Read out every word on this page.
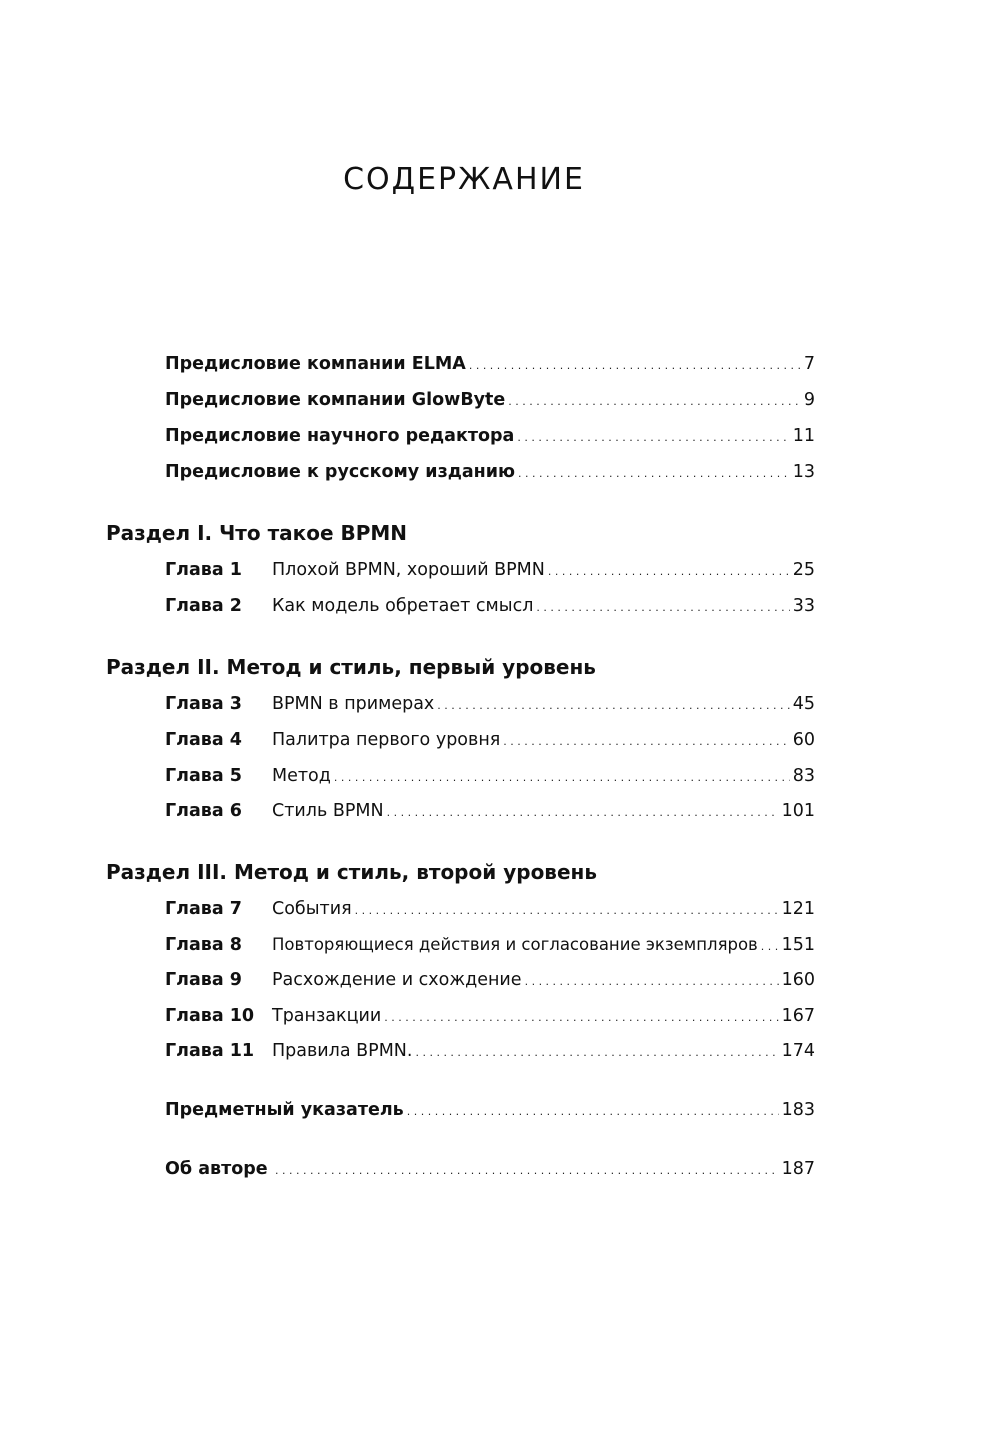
СОДЕРЖАНИЕ
Предисловие компании ELMA . . .	7
Предисловие компании GlowByte . . .	9
Предисловие научного редактора . . .	11
Предисловие к русскому изданию . . .	13
Раздел I. Что такое BPMN
Глава 1	Плохой BPMN, хороший BPMN . . .	25
Глава 2	Как модель обретает смысл . . .	33
Раздел II. Метод и стиль, первый уровень
Глава 3	BPMN в примерах . . .	45
Глава 4	Палитра первого уровня . . .	60
Глава 5	Метод . . .	83
Глава 6	Стиль BPMN . . .	101
Раздел III. Метод и стиль, второй уровень
Глава 7	События . . .	121
Глава 8	Повторяющиеся действия и согласование экземпляров . . . 151
Глава 9	Расхождение и схождение . . .	160
Глава 10	Транзакции . . .	167
Глава 11	Правила BPMN. . . .	174
Предметный указатель . . .	183
Об авторе . . .	187
